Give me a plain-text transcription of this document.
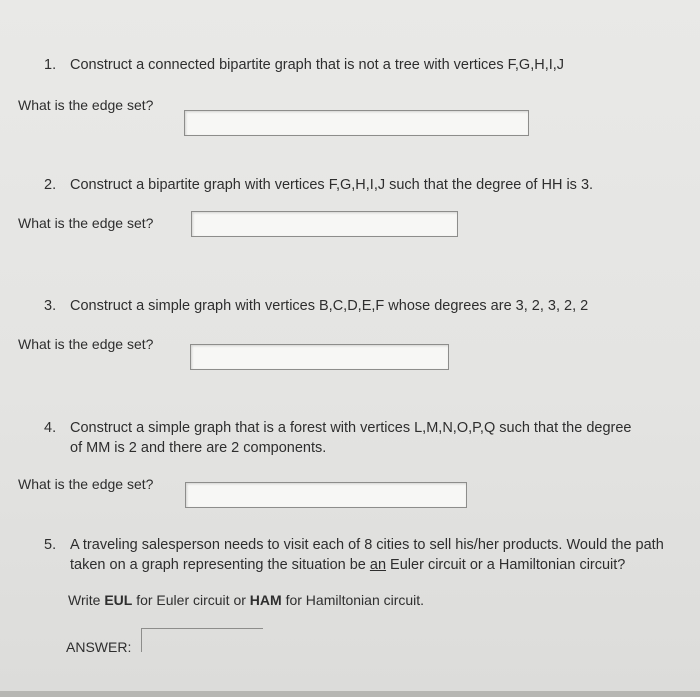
1. Construct a connected bipartite graph that is not a tree with vertices F,G,H,I,J
What is the edge set?
2. Construct a bipartite graph with vertices F,G,H,I,J such that the degree of HH is 3.
What is the edge set?
3. Construct a simple graph with vertices B,C,D,E,F whose degrees are 3, 2, 3, 2, 2
What is the edge set?
4. Construct a simple graph that is a forest with vertices L,M,N,O,P,Q such that the degree
of MM is 2 and there are 2 components.
What is the edge set?
5. A traveling salesperson needs to visit each of 8 cities to sell his/her products. Would the path
taken on a graph representing the situation be an Euler circuit or a Hamiltonian circuit?
Write EUL for Euler circuit or HAM for Hamiltonian circuit.
ANSWER:
